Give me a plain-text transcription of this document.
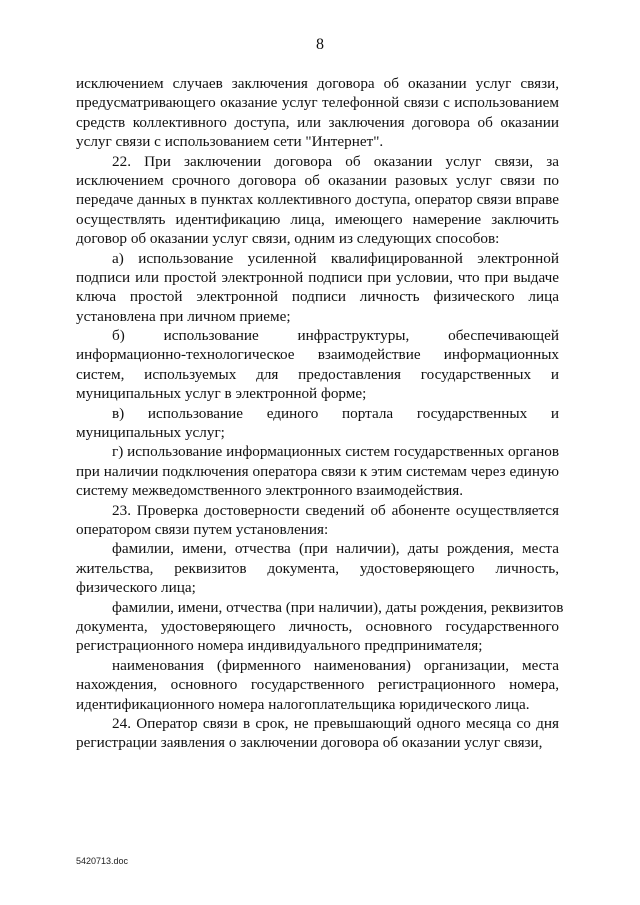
8
исключением случаев заключения договора об оказании услуг связи,
предусматривающего оказание услуг телефонной связи с использованием
средств коллективного доступа, или заключения договора об оказании
услуг связи с использованием сети "Интернет".
22. При заключении договора об оказании услуг связи, за
исключением срочного договора об оказании разовых услуг связи по
передаче данных в пунктах коллективного доступа, оператор связи вправе
осуществлять идентификацию лица, имеющего намерение заключить
договор об оказании услуг связи, одним из следующих способов:
а) использование усиленной квалифицированной электронной
подписи или простой электронной подписи при условии, что при выдаче
ключа простой электронной подписи личность физического лица
установлена при личном приеме;
б) использование инфраструктуры, обеспечивающей
информационно-технологическое взаимодействие информационных
систем, используемых для предоставления государственных и
муниципальных услуг в электронной форме;
в) использование единого портала государственных и
муниципальных услуг;
г) использование информационных систем государственных органов
при наличии подключения оператора связи к этим системам через единую
систему межведомственного электронного взаимодействия.
23. Проверка достоверности сведений об абоненте осуществляется
оператором связи путем установления:
фамилии, имени, отчества (при наличии), даты рождения, места
жительства, реквизитов документа, удостоверяющего личность,
физического лица;
фамилии, имени, отчества (при наличии), даты рождения, реквизитов
документа, удостоверяющего личность, основного государственного
регистрационного номера индивидуального предпринимателя;
наименования (фирменного наименования) организации, места
нахождения, основного государственного регистрационного номера,
идентификационного номера налогоплательщика юридического лица.
24. Оператор связи в срок, не превышающий одного месяца со дня
регистрации заявления о заключении договора об оказании услуг связи,
5420713.doc
